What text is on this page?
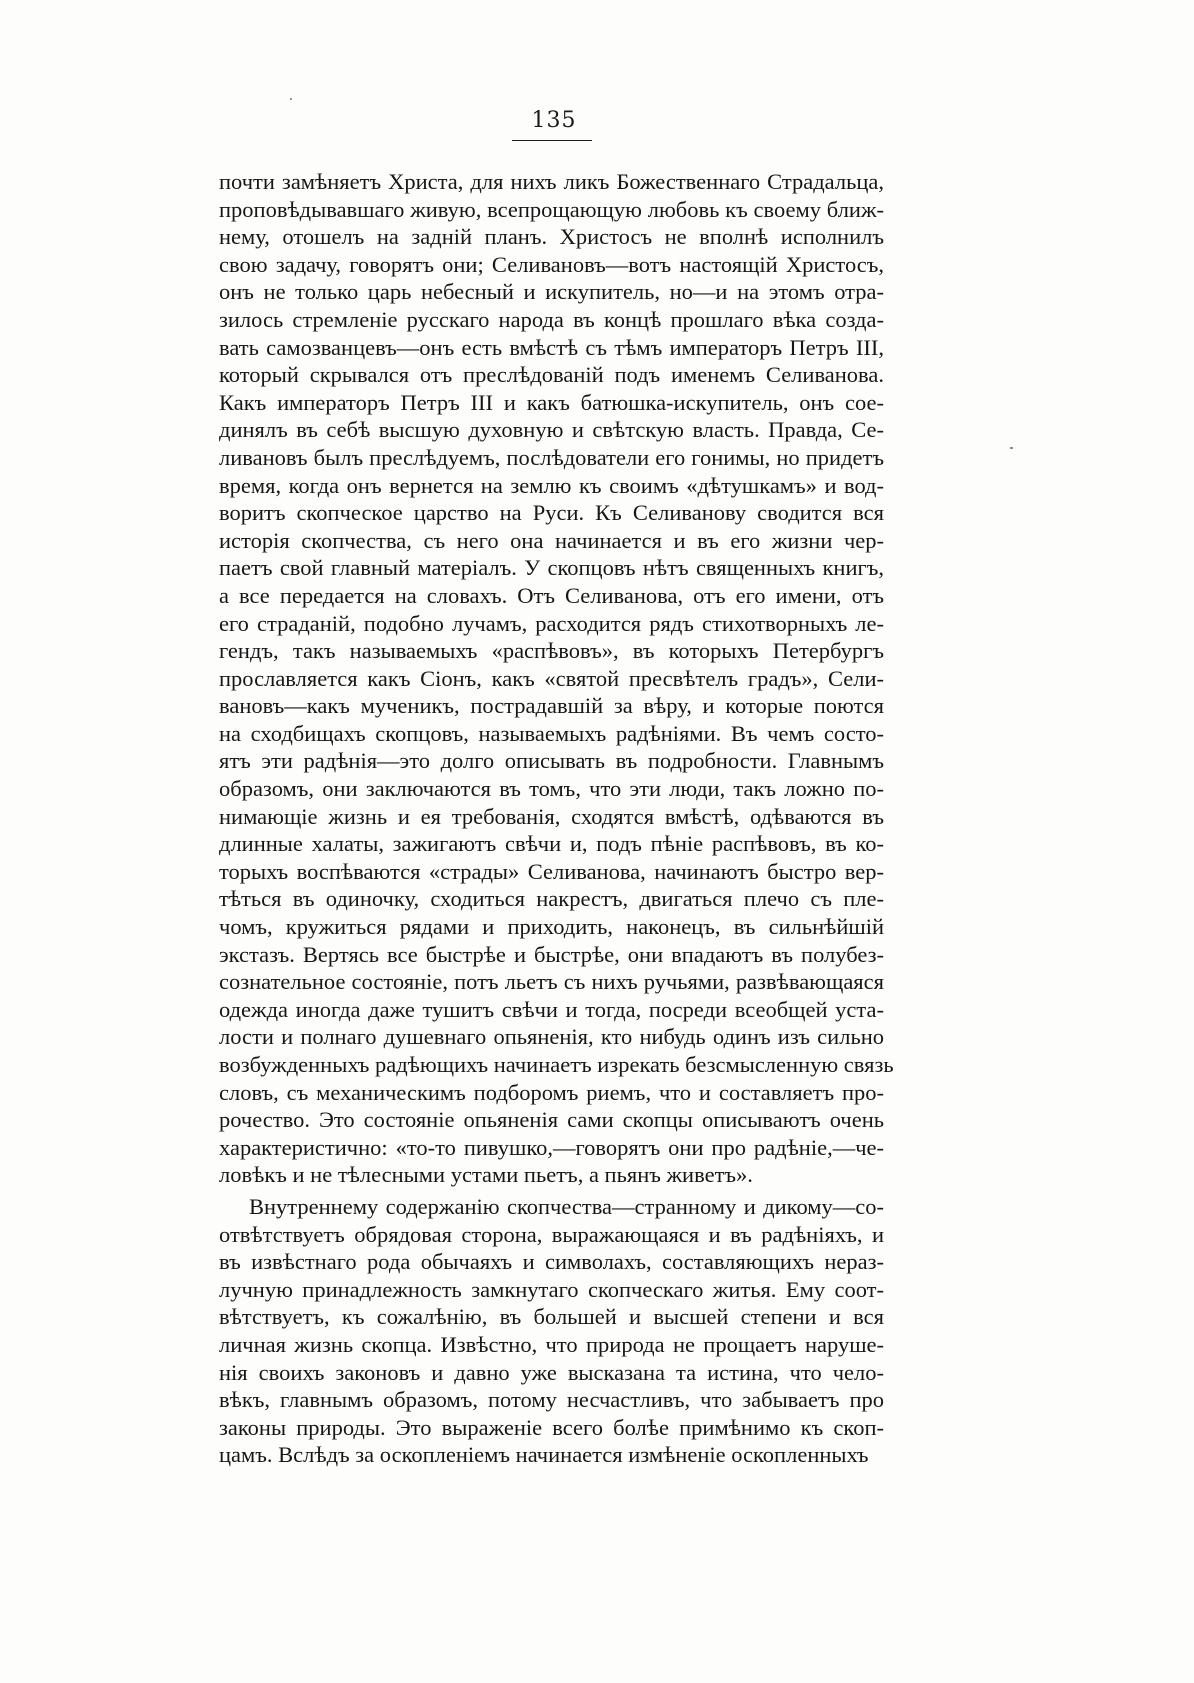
135
почти замѣняетъ Христа, для нихъ ликъ Божественнаго Страдальца,
проповѣдывавшаго живую, всепрощающую любовь къ своему ближ-
нему, отошелъ на задній планъ. Христосъ не вполнѣ исполнилъ
свою задачу, говорятъ они; Селивановъ—вотъ настоящій Христосъ,
онъ не только царь небесный и искупитель, но—и на этомъ отра-
зилось стремленіе русскаго народа въ концѣ прошлаго вѣка созда-
вать самозванцевъ—онъ есть вмѣстѣ съ тѣмъ императоръ Петръ III,
который скрывался отъ преслѣдованій подъ именемъ Селиванова.
Какъ императоръ Петръ III и какъ батюшка-искупитель, онъ сое-
динялъ въ себѣ высшую духовную и свѣтскую власть. Правда, Се-
ливановъ былъ преслѣдуемъ, послѣдователи его гонимы, но придетъ
время, когда онъ вернется на землю къ своимъ «дѣтушкамъ» и вод-
воритъ скопческое царство на Руси. Къ Селиванову сводится вся
исторія скопчества, съ него она начинается и въ его жизни чер-
паетъ свой главный матеріалъ. У скопцовъ нѣтъ священныхъ книгъ,
а все передается на словахъ. Отъ Селиванова, отъ его имени, отъ
его страданій, подобно лучамъ, расходится рядъ стихотворныхъ ле-
гендъ, такъ называемыхъ «распѣвовъ», въ которыхъ Петербургъ
прославляется какъ Сіонъ, какъ «святой пресвѣтелъ градъ», Сели-
вановъ—какъ мученикъ, пострадавшій за вѣру, и которые поются
на сходбищахъ скопцовъ, называемыхъ радѣніями. Въ чемъ состо-
ятъ эти радѣнія—это долго описывать въ подробности. Главнымъ
образомъ, они заключаются въ томъ, что эти люди, такъ ложно по-
нимающіе жизнь и ея требованія, сходятся вмѣстѣ, одѣваются въ
длинные халаты, зажигаютъ свѣчи и, подъ пѣніе распѣвовъ, въ ко-
торыхъ воспѣваются «страды» Селиванова, начинаютъ быстро вер-
тѣться въ одиночку, сходиться накрестъ, двигаться плечо съ пле-
чомъ, кружиться рядами и приходить, наконецъ, въ сильнѣйшій
экстазъ. Вертясь все быстрѣе и быстрѣе, они впадаютъ въ полубез-
сознательное состояніе, потъ льетъ съ нихъ ручьями, развѣвающаяся
одежда иногда даже тушитъ свѣчи и тогда, посреди всеобщей уста-
лости и полнаго душевнаго опьяненія, кто нибудь одинъ изъ сильно
возбужденныхъ радѣющихъ начинаетъ изрекать безсмысленную связь
словъ, съ механическимъ подборомъ риемъ, что и составляетъ про-
рочество. Это состояніе опьяненія сами скопцы описываютъ очень
характеристично: «то-то пивушко,—говорятъ они про радѣніе,—че-
ловѣкъ и не тѣлесными устами пьетъ, а пьянъ живетъ».
Внутреннему содержанію скопчества—странному и дикому—со-
отвѣтствуетъ обрядовая сторона, выражающаяся и въ радѣніяхъ, и
въ извѣстнаго рода обычаяхъ и символахъ, составляющихъ нераз-
лучную принадлежность замкнутаго скопческаго житья. Ему соот-
вѣтствуетъ, къ сожалѣнію, въ большей и высшей степени и вся
личная жизнь скопца. Извѣстно, что природа не прощаетъ наруше-
нія своихъ законовъ и давно уже высказана та истина, что чело-
вѣкъ, главнымъ образомъ, потому несчастливъ, что забываетъ про
законы природы. Это выраженіе всего болѣе примѣнимо къ скоп-
цамъ. Вслѣдъ за оскопленіемъ начинается измѣненіе оскопленныхъ
